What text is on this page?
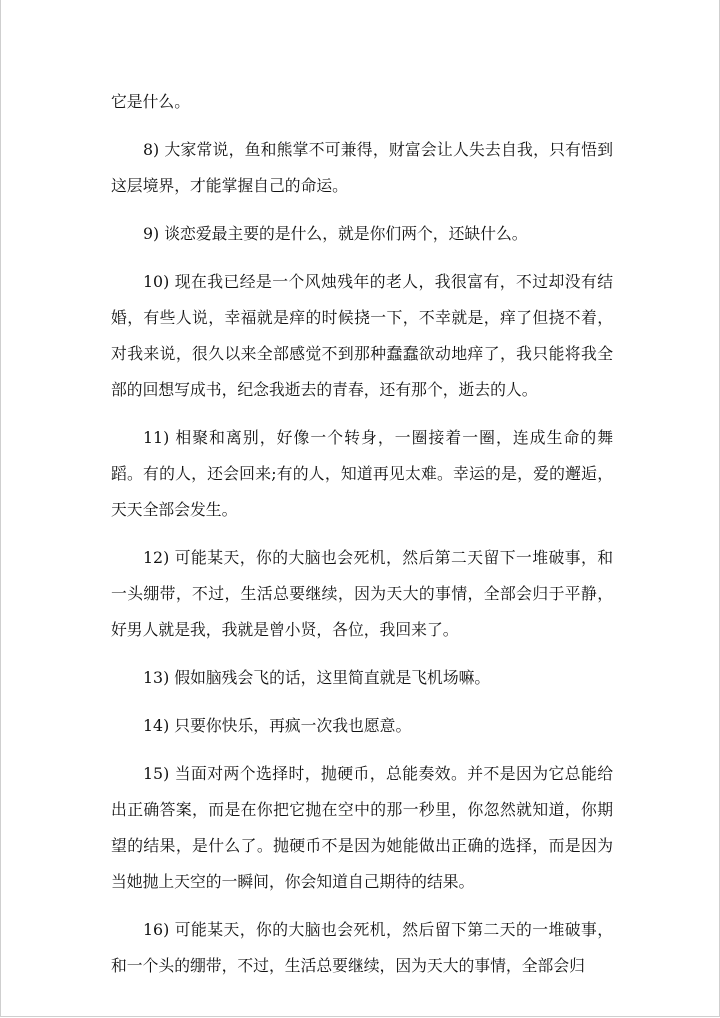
它是什么。

8) 大家常说，鱼和熊掌不可兼得，财富会让人失去自我，只有悟到这层境界，才能掌握自己的命运。

9) 谈恋爱最主要的是什么，就是你们两个，还缺什么。

10) 现在我已经是一个风烛残年的老人，我很富有，不过却没有结婚，有些人说，幸福就是痒的时候挠一下，不幸就是，痒了但挠不着，对我来说，很久以来全部感觉不到那种蠢蠢欲动地痒了，我只能将我全部的回想写成书，纪念我逝去的青春，还有那个，逝去的人。

11) 相聚和离别，好像一个转身，一圈接着一圈，连成生命的舞蹈。有的人，还会回来;有的人，知道再见太难。幸运的是，爱的邂逅，天天全部会发生。

12) 可能某天，你的大脑也会死机，然后第二天留下一堆破事，和一头绷带，不过，生活总要继续，因为天大的事情，全部会归于平静，好男人就是我，我就是曾小贤，各位，我回来了。

13) 假如脑残会飞的话，这里简直就是飞机场嘛。

14) 只要你快乐，再疯一次我也愿意。

15) 当面对两个选择时，抛硬币，总能奏效。并不是因为它总能给出正确答案，而是在你把它抛在空中的那一秒里，你忽然就知道，你期望的结果，是什么了。抛硬币不是因为她能做出正确的选择，而是因为当她抛上天空的一瞬间，你会知道自己期待的结果。

16) 可能某天，你的大脑也会死机，然后留下第二天的一堆破事，和一个头的绷带，不过，生活总要继续，因为天大的事情，全部会归
